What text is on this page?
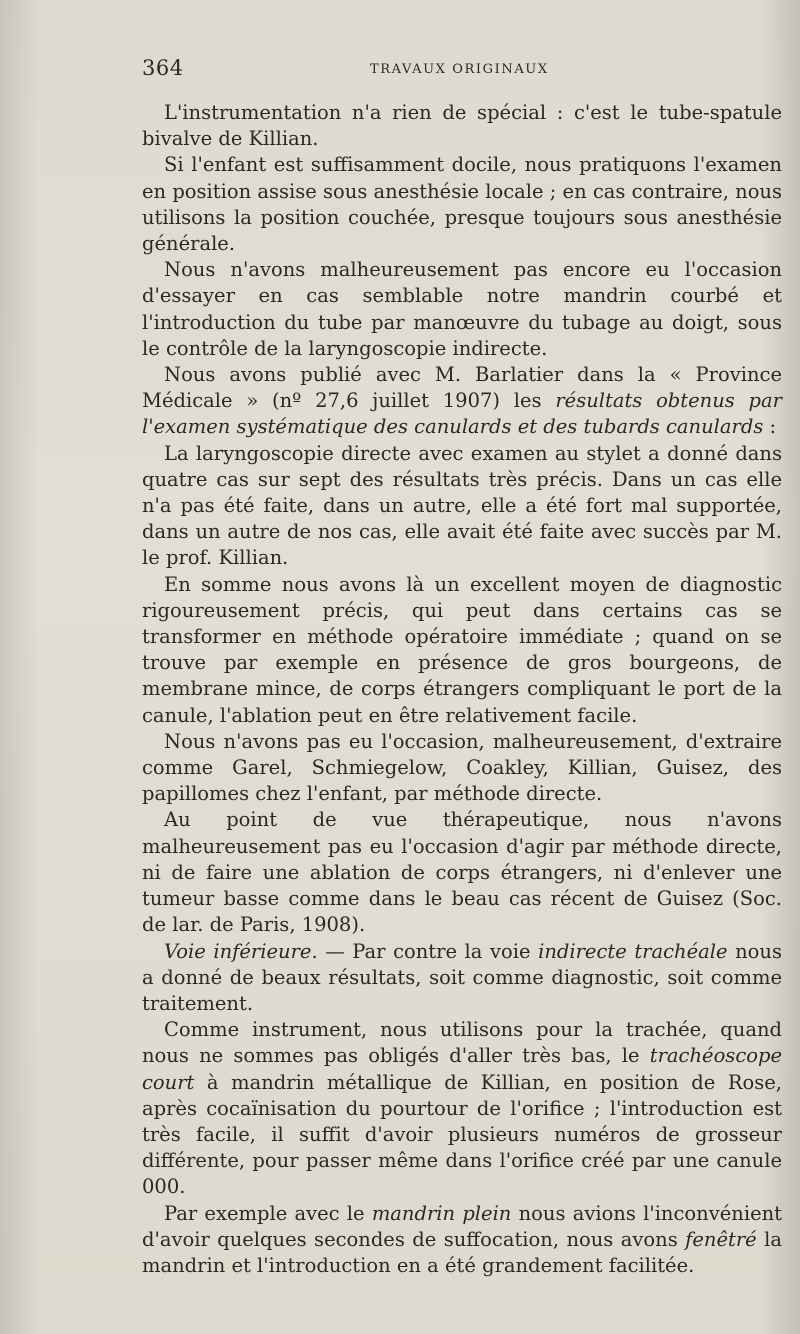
364	TRAVAUX ORIGINAUX

L'instrumentation n'a rien de spécial : c'est le tube-spatule bivalve de Killian.

Si l'enfant est suffisamment docile, nous pratiquons l'examen en position assise sous anesthésie locale ; en cas contraire, nous utilisons la position couchée, presque toujours sous anesthésie générale.

Nous n'avons malheureusement pas encore eu l'occasion d'essayer en cas semblable notre mandrin courbé et l'introduction du tube par manœuvre du tubage au doigt, sous le contrôle de la laryngoscopie indirecte.

Nous avons publié avec M. Barlatier dans la « Province Médicale » (nº 27,6 juillet 1907) les résultats obtenus par l'examen systématique des canulards et des tubards canulards :

La laryngoscopie directe avec examen au stylet a donné dans quatre cas sur sept des résultats très précis. Dans un cas elle n'a pas été faite, dans un autre, elle a été fort mal supportée, dans un autre de nos cas, elle avait été faite avec succès par M. le prof. Killian.

En somme nous avons là un excellent moyen de diagnostic rigoureusement précis, qui peut dans certains cas se transformer en méthode opératoire immédiate ; quand on se trouve par exemple en présence de gros bourgeons, de membrane mince, de corps étrangers compliquant le port de la canule, l'ablation peut en être relativement facile.

Nous n'avons pas eu l'occasion, malheureusement, d'extraire comme Garel, Schmiegelow, Coakley, Killian, Guisez, des papillomes chez l'enfant, par méthode directe.

Au point de vue thérapeutique, nous n'avons malheureusement pas eu l'occasion d'agir par méthode directe, ni de faire une ablation de corps étrangers, ni d'enlever une tumeur basse comme dans le beau cas récent de Guisez (Soc. de lar. de Paris, 1908).

Voie inférieure. — Par contre la voie indirecte trachéale nous a donné de beaux résultats, soit comme diagnostic, soit comme traitement.

Comme instrument, nous utilisons pour la trachée, quand nous ne sommes pas obligés d'aller très bas, le trachéoscope court à mandrin métallique de Killian, en position de Rose, après cocaïnisation du pourtour de l'orifice ; l'introduction est très facile, il suffit d'avoir plusieurs numéros de grosseur différente, pour passer même dans l'orifice créé par une canule 000.

Par exemple avec le mandrin plein nous avions l'inconvénient d'avoir quelques secondes de suffocation, nous avons fenêtré la mandrin et l'introduction en a été grandement facilitée.
